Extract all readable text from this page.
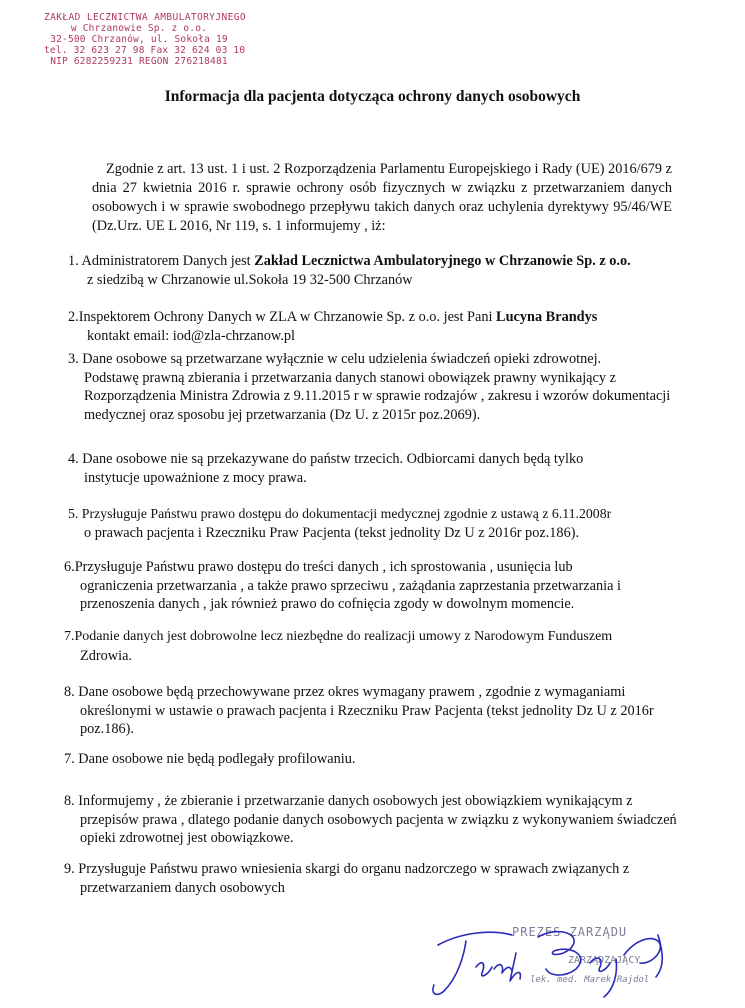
ZAKŁAD LECZNICTWA AMBULATORYJNEGO
w Chrzanowie Sp. z o.o.
32-500 Chrzanów, ul. Sokoła 19
tel. 32 623 27 98 Fax 32 624 03 10
NIP 6282259231 REGON 276218481
Informacja dla pacjenta dotycząca ochrony danych osobowych
Zgodnie z art. 13 ust. 1 i ust. 2 Rozporządzenia Parlamentu Europejskiego i Rady (UE) 2016/679 z dnia 27 kwietnia 2016 r. sprawie ochrony osób fizycznych w związku z przetwarzaniem danych osobowych i w sprawie swobodnego przepływu takich danych oraz uchylenia dyrektywy 95/46/WE (Dz.Urz. UE L 2016, Nr 119, s. 1 informujemy , iż:
1. Administratorem Danych jest Zakład Lecznictwa Ambulatoryjnego w Chrzanowie Sp. z o.o.
z siedzibą w Chrzanowie ul.Sokoła 19 32-500 Chrzanów
2.Inspektorem Ochrony Danych w ZLA w Chrzanowie Sp. z o.o. jest Pani Lucyna Brandys
kontakt email: iod@zla-chrzanow.pl
3. Dane osobowe są przetwarzane wyłącznie w celu udzielenia świadczeń opieki zdrowotnej.
Podstawę prawną zbierania i przetwarzania danych stanowi obowiązek prawny wynikający z Rozporządzenia Ministra Zdrowia z 9.11.2015 r w sprawie rodzajów , zakresu i wzorów dokumentacji medycznej oraz sposobu jej przetwarzania (Dz U. z 2015r poz.2069).
4. Dane osobowe nie są przekazywane do państw trzecich. Odbiorcami danych będą tylko
instytucje upoważnione z mocy prawa.
5. Przysługuje Państwu prawo dostępu do dokumentacji medycznej zgodnie z ustawą z 6.11.2008r
o prawach pacjenta i Rzeczniku Praw Pacjenta (tekst jednolity Dz U z 2016r poz.186).
6.Przysługuje Państwu prawo dostępu do treści danych , ich sprostowania , usunięcia lub
ograniczenia przetwarzania , a także prawo sprzeciwu , zażądania zaprzestania przetwarzania i przenoszenia danych , jak również prawo do cofnięcia zgody w dowolnym momencie.
7.Podanie danych jest dobrowolne lecz niezbędne do realizacji umowy z Narodowym Funduszem
Zdrowia.
8. Dane osobowe będą przechowywane przez okres wymagany prawem , zgodnie z wymaganiami
określonymi w ustawie o prawach pacjenta i Rzeczniku Praw Pacjenta (tekst jednolity Dz U z 2016r poz.186).
7. Dane osobowe nie będą podlegały profilowaniu.
8. Informujemy , że zbieranie i przetwarzanie danych osobowych jest obowiązkiem wynikającym z
przepisów prawa , dlatego podanie danych osobowych pacjenta w związku z wykonywaniem świadczeń opieki zdrowotnej jest obowiązkowe.
9. Przysługuje Państwu prawo wniesienia skargi do organu nadzorczego w sprawach związanych z
przetwarzaniem danych osobowych
PREZES ZARZĄDU
ZARZĄDZAJĄCY
lek. med. Marek Rajdol
